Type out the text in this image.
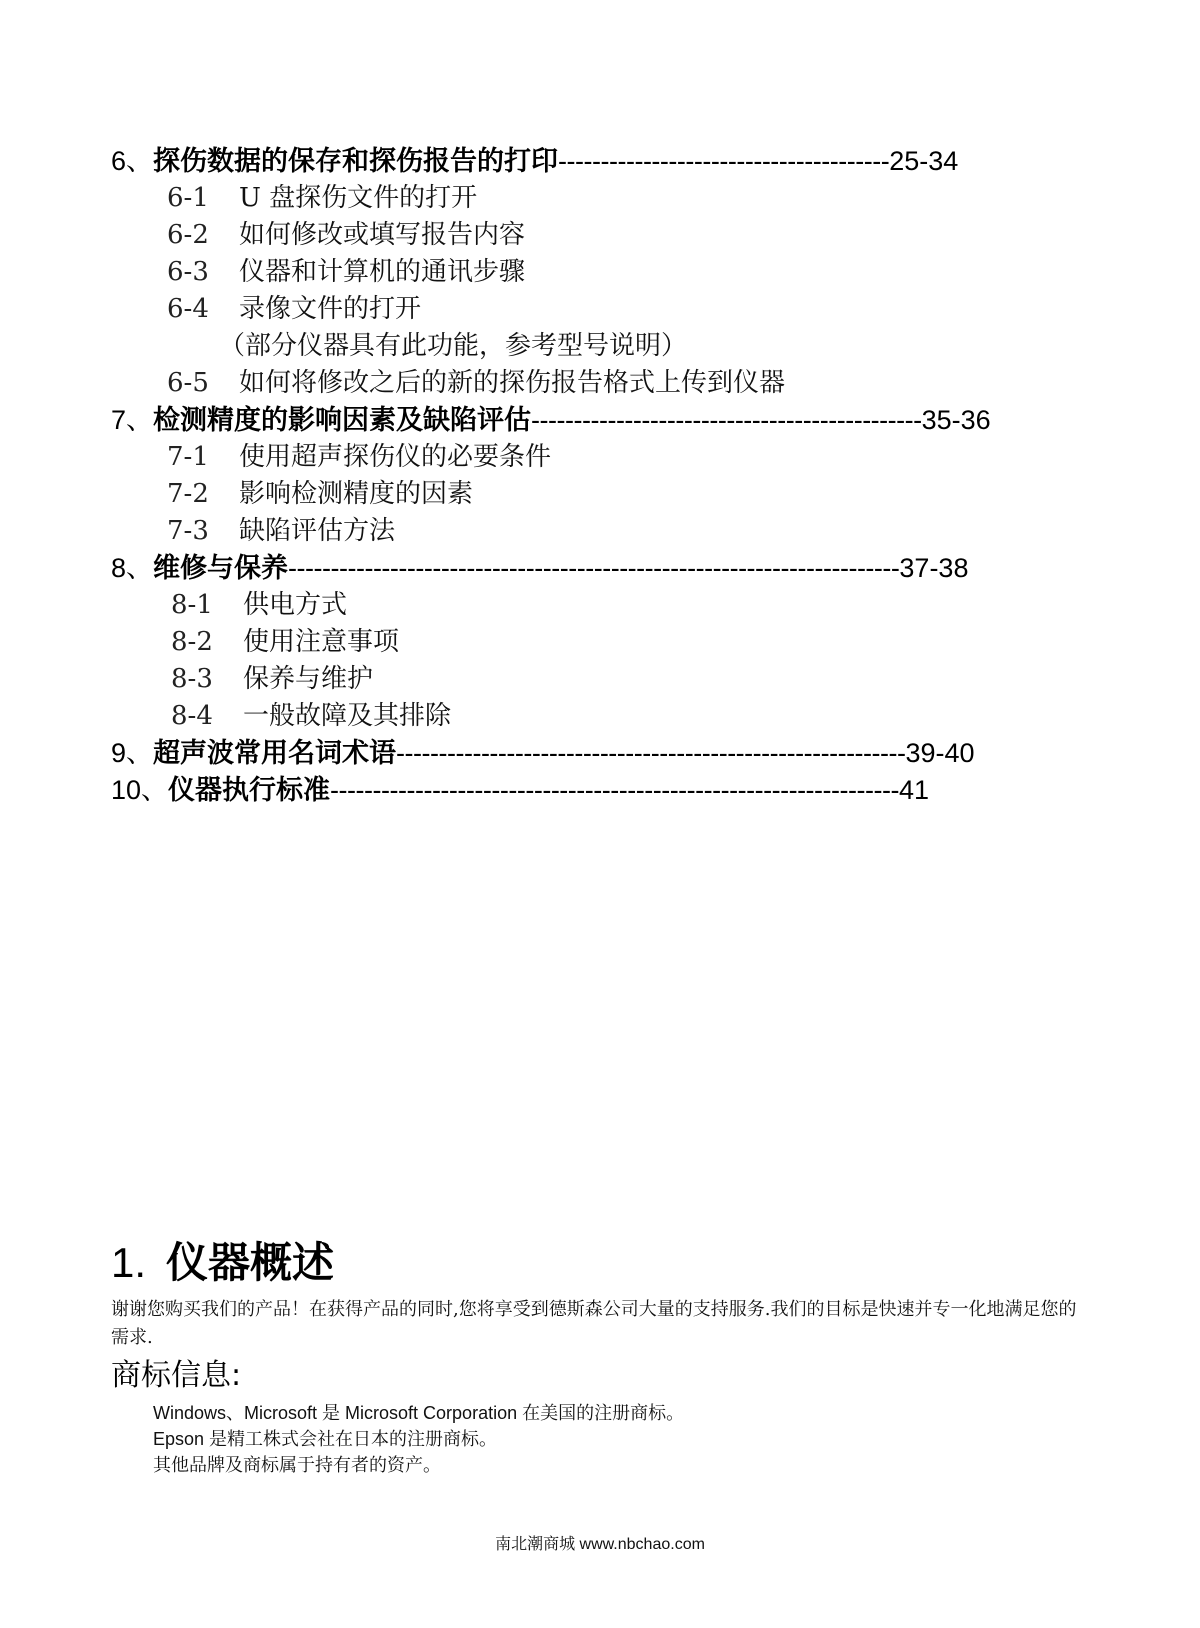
6、探伤数据的保存和探伤报告的打印---------------------------------------25-34
6-1 U 盘探伤文件的打开
6-2 如何修改或填写报告内容
6-3 仪器和计算机的通讯步骤
6-4 录像文件的打开
（部分仪器具有此功能，参考型号说明）
6-5 如何将修改之后的新的探伤报告格式上传到仪器
7、检测精度的影响因素及缺陷评估----------------------------------------------35-36
7-1 使用超声探伤仪的必要条件
7-2 影响检测精度的因素
7-3 缺陷评估方法
8、维修与保养------------------------------------------------------------------------37-38
8-1 供电方式
8-2 使用注意事项
8-3 保养与维护
8-4 一般故障及其排除
9、超声波常用名词术语------------------------------------------------------------39-40
10、仪器执行标准-------------------------------------------------------------------41
1. 仪器概述
谢谢您购买我们的产品！在获得产品的同时,您将享受到德斯森公司大量的支持服务.我们的目标是快速并专一化地满足您的需求.
商标信息:
Windows、Microsoft 是 Microsoft Corporation 在美国的注册商标。
Epson 是精工株式会社在日本的注册商标。
其他品牌及商标属于持有者的资产。
南北潮商城 www.nbchao.com
